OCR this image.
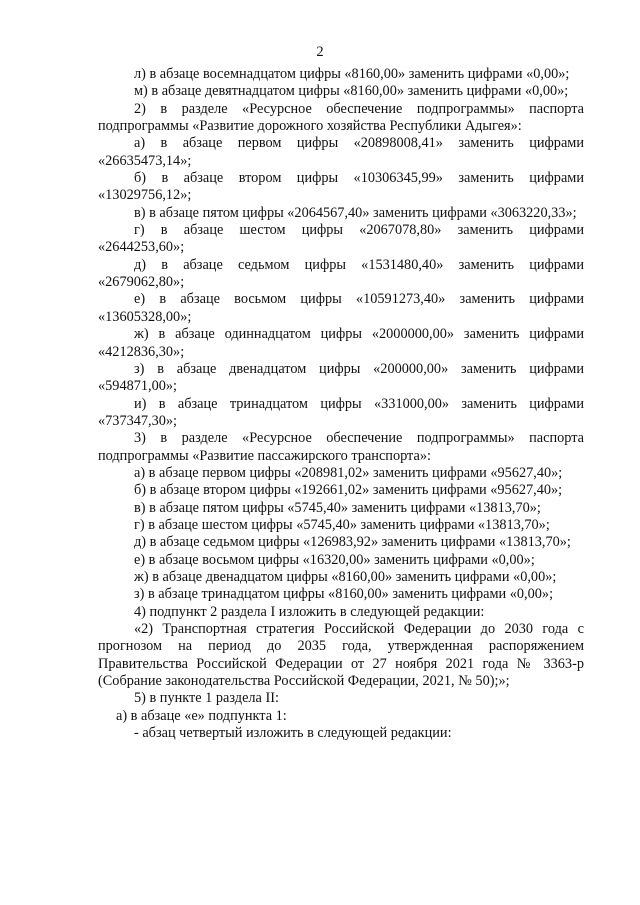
2

л) в абзаце восемнадцатом цифры «8160,00» заменить цифрами «0,00»;

м) в абзаце девятнадцатом цифры «8160,00» заменить цифрами «0,00»;

2) в разделе «Ресурсное обеспечение подпрограммы» паспорта подпрограммы «Развитие дорожного хозяйства Республики Адыгея»:

а) в абзаце первом цифры «20898008,41» заменить цифрами «26635473,14»;

б) в абзаце втором цифры «10306345,99» заменить цифрами «13029756,12»;

в) в абзаце пятом цифры «2064567,40» заменить цифрами «3063220,33»;

г) в абзаце шестом цифры «2067078,80» заменить цифрами «2644253,60»;

д) в абзаце седьмом цифры «1531480,40» заменить цифрами «2679062,80»;

е) в абзаце восьмом цифры «10591273,40» заменить цифрами «13605328,00»;

ж) в абзаце одиннадцатом цифры «2000000,00» заменить цифрами «4212836,30»;

з) в абзаце двенадцатом цифры «200000,00» заменить цифрами «594871,00»;

и) в абзаце тринадцатом цифры «331000,00» заменить цифрами «737347,30»;

3) в разделе «Ресурсное обеспечение подпрограммы» паспорта подпрограммы «Развитие пассажирского транспорта»:

а) в абзаце первом цифры «208981,02» заменить цифрами «95627,40»;

б) в абзаце втором цифры «192661,02» заменить цифрами «95627,40»;

в) в абзаце пятом цифры «5745,40» заменить цифрами «13813,70»;

г) в абзаце шестом цифры «5745,40» заменить цифрами «13813,70»;

д) в абзаце седьмом цифры «126983,92» заменить цифрами «13813,70»;

е) в абзаце восьмом цифры «16320,00» заменить цифрами «0,00»;

ж) в абзаце двенадцатом цифры «8160,00» заменить цифрами «0,00»;

з) в абзаце тринадцатом цифры «8160,00» заменить цифрами «0,00»;

4) подпункт 2 раздела I изложить в следующей редакции:

«2) Транспортная стратегия Российской Федерации до 2030 года с прогнозом на период до 2035 года, утвержденная распоряжением Правительства Российской Федерации от 27 ноября 2021 года № 3363-р (Собрание законодательства Российской Федерации, 2021, № 50);»;

5) в пункте 1 раздела II:

а) в абзаце «е» подпункта 1:

- абзац четвертый изложить в следующей редакции:
